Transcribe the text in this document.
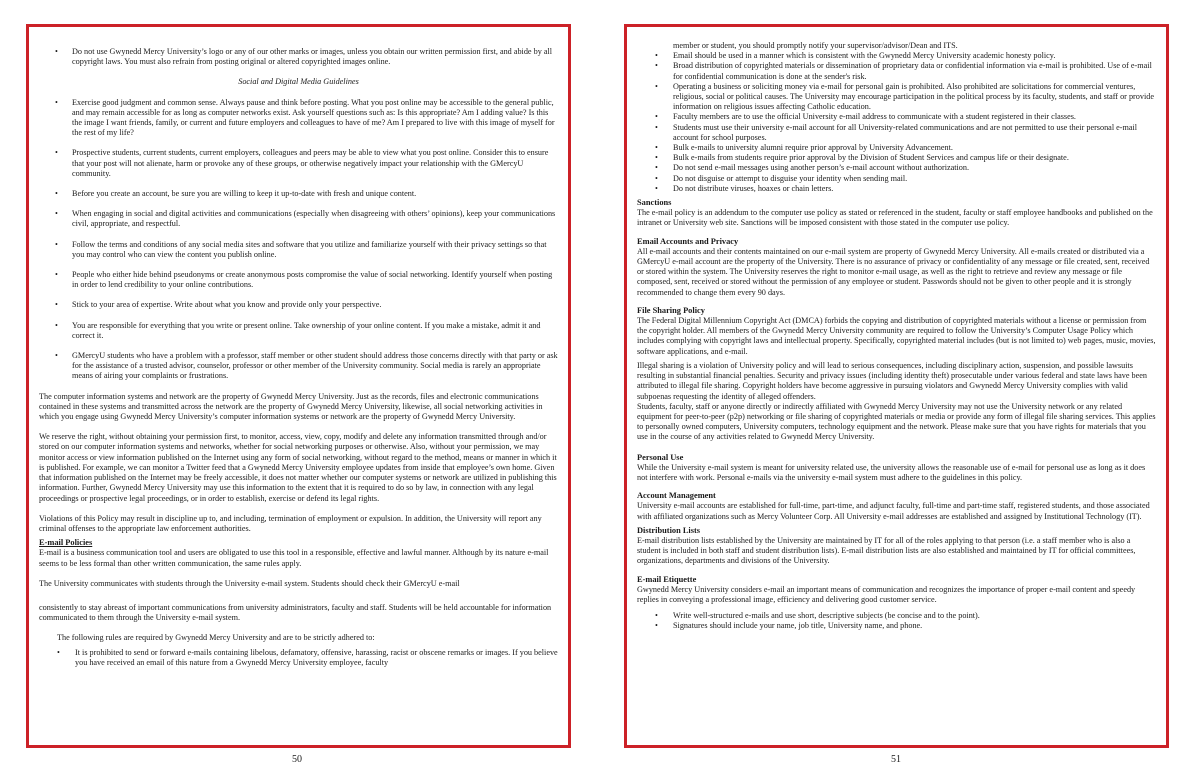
• Do not use Gwynedd Mercy University’s logo or any of our other marks or images, unless you obtain our written permission first, and abide by all copyright laws. You must also refrain from posting original or altered copyrighted images online.
Social and Digital Media Guidelines
• Exercise good judgment and common sense. Always pause and think before posting. What you post online may be accessible to the general public, and may remain accessible for as long as computer networks exist. Ask yourself questions such as: Is this appropriate? Am I adding value? Is this the image I want friends, family, or current and future employers and colleagues to have of me? Am I prepared to live with this image of myself for the rest of my life?
• Prospective students, current students, current employers, colleagues and peers may be able to view what you post online. Consider this to ensure that your post will not alienate, harm or provoke any of these groups, or otherwise negatively impact your relationship with the GMercyU community.
• Before you create an account, be sure you are willing to keep it up-to-date with fresh and unique content.
• When engaging in social and digital activities and communications (especially when disagreeing with others’ opinions), keep your communications civil, appropriate, and respectful.
• Follow the terms and conditions of any social media sites and software that you utilize and familiarize yourself with their privacy settings so that you may control who can view the content you publish online.
• People who either hide behind pseudonyms or create anonymous posts compromise the value of social networking. Identify yourself when posting in order to lend credibility to your online contributions.
• Stick to your area of expertise. Write about what you know and provide only your perspective.
• You are responsible for everything that you write or present online. Take ownership of your online content. If you make a mistake, admit it and correct it.
• GMercyU students who have a problem with a professor, staff member or other student should address those concerns directly with that party or ask for the assistance of a trusted advisor, counselor, professor or other member of the University community. Social media is rarely an appropriate means of airing your complaints or frustrations.

The computer information systems and network are the property of Gwynedd Mercy University. Just as the records, files and electronic communications contained in these systems and transmitted across the network are the property of Gwynedd Mercy University, likewise, all social networking activities in which you engage using Gwynedd Mercy University’s computer information systems or network are the property of Gwynedd Mercy University.

We reserve the right, without obtaining your permission first, to monitor, access, view, copy, modify and delete any information transmitted through and/or stored on our computer information systems and networks, whether for social networking purposes or otherwise. Also, without your permission, we may monitor access or view information published on the Internet using any form of social networking, without regard to the method, means or manner in which it is published. For example, we can monitor a Twitter feed that a Gwynedd Mercy University employee updates from inside that employee’s own home. Given that information published on the Internet may be freely accessible, it does not matter whether our computer systems or network are utilized in publishing this information. Further, Gwynedd Mercy University may use this information to the extent that it is required to do so by law, in connection with any legal proceedings or prospective legal proceedings, or in order to establish, exercise or defend its legal rights.

Violations of this Policy may result in discipline up to, and including, termination of employment or expulsion. In addition, the University will report any criminal offenses to the appropriate law enforcement authorities.

E-mail Policies

E-mail is a business communication tool and users are obligated to use this tool in a responsible, effective and lawful manner. Although by its nature e-mail seems to be less formal than other written communication, the same rules apply.

The University communicates with students through the University e-mail system. Students should check their GMercyU e-mail

consistently to stay abreast of important communications from university administrators, faculty and staff. Students will be held accountable for information communicated to them through the University e-mail system.

The following rules are required by Gwynedd Mercy University and are to be strictly adhered to:

• It is prohibited to send or forward e-mails containing libelous, defamatory, offensive, harassing, racist or obscene remarks or images. If you believe you have received an email of this nature from a Gwynedd Mercy University employee, faculty
50
member or student, you should promptly notify your supervisor/advisor/Dean and ITS.
• Email should be used in a manner which is consistent with the Gwynedd Mercy University academic honesty policy.
• Broad distribution of copyrighted materials or dissemination of proprietary data or confidential information via e-mail is prohibited. Use of e-mail for confidential communication is done at the sender's risk.
• Operating a business or soliciting money via e-mail for personal gain is prohibited. Also prohibited are solicitations for commercial ventures, religious, social or political causes. The University may encourage participation in the political process by its faculty, students, and staff or provide information on religious issues affecting Catholic education.
• Faculty members are to use the official University e-mail address to communicate with a student registered in their classes.
• Students must use their university e-mail account for all University-related communications and are not permitted to use their personal e-mail account for school purposes.
• Bulk e-mails to university alumni require prior approval by University Advancement.
• Bulk e-mails from students require prior approval by the Division of Student Services and campus life or their designate.
• Do not send e-mail messages using another person’s e-mail account without authorization.
• Do not disguise or attempt to disguise your identity when sending mail.
• Do not distribute viruses, hoaxes or chain letters.
Sanctions
The e-mail policy is an addendum to the computer use policy as stated or referenced in the student, faculty or staff employee handbooks and published on the intranet or University web site. Sanctions will be imposed consistent with those stated in the computer use policy.
Email Accounts and Privacy
All e-mail accounts and their contents maintained on our e-mail system are property of Gwynedd Mercy University. All e-mails created or distributed via a GMercyU e-mail account are the property of the University. There is no assurance of privacy or confidentiality of any message or file created, sent, received or stored within the system. The University reserves the right to monitor e-mail usage, as well as the right to retrieve and review any message or file composed, sent, received or stored without the permission of any employee or student. Passwords should not be given to other people and it is strongly recommended to change them every 90 days.
File Sharing Policy
The Federal Digital Millennium Copyright Act (DMCA) forbids the copying and distribution of copyrighted materials without a license or permission from the copyright holder. All members of the Gwynedd Mercy University community are required to follow the University’s Computer Usage Policy which includes complying with copyright laws and intellectual property. Specifically, copyrighted material includes (but is not limited to) web pages, music, movies, software applications, and e-mail.
Illegal sharing is a violation of University policy and will lead to serious consequences, including disciplinary action, suspension, and possible lawsuits resulting in substantial financial penalties. Security and privacy issues (including identity theft) prosecutable under various federal and state laws have been attributed to illegal file sharing. Copyright holders have become aggressive in pursuing violators and Gwynedd Mercy University complies with valid subpoenas requesting the identity of alleged offenders.
Students, faculty, staff or anyone directly or indirectly affiliated with Gwynedd Mercy University may not use the University network or any related equipment for peer-to-peer (p2p) networking or file sharing of copyrighted materials or media or provide any form of illegal file sharing services. This applies to personally owned computers, University computers, technology equipment and the network. Please make sure that you have rights for materials that you use in the course of any activities related to Gwynedd Mercy University.
Personal Use
While the University e-mail system is meant for university related use, the university allows the reasonable use of e-mail for personal use as long as it does not interfere with work. Personal e-mails via the university e-mail system must adhere to the guidelines in this policy.
Account Management
University e-mail accounts are established for full-time, part-time, and adjunct faculty, full-time and part-time staff, registered students, and those associated with affiliated organizations such as Mercy Volunteer Corp. All University e-mail addresses are established and assigned by Institutional Technology (IT).
Distribution Lists
E-mail distribution lists established by the University are maintained by IT for all of the roles applying to that person (i.e. a staff member who is also a student is included in both staff and student distribution lists). E-mail distribution lists are also established and maintained by IT for official committees, organizations, departments and divisions of the University.
E-mail Etiquette
Gwynedd Mercy University considers e-mail an important means of communication and recognizes the importance of proper e-mail content and speedy replies in conveying a professional image, efficiency and delivering good customer service.
• Write well-structured e-mails and use short, descriptive subjects (be concise and to the point).
• Signatures should include your name, job title, University name, and phone.
51
